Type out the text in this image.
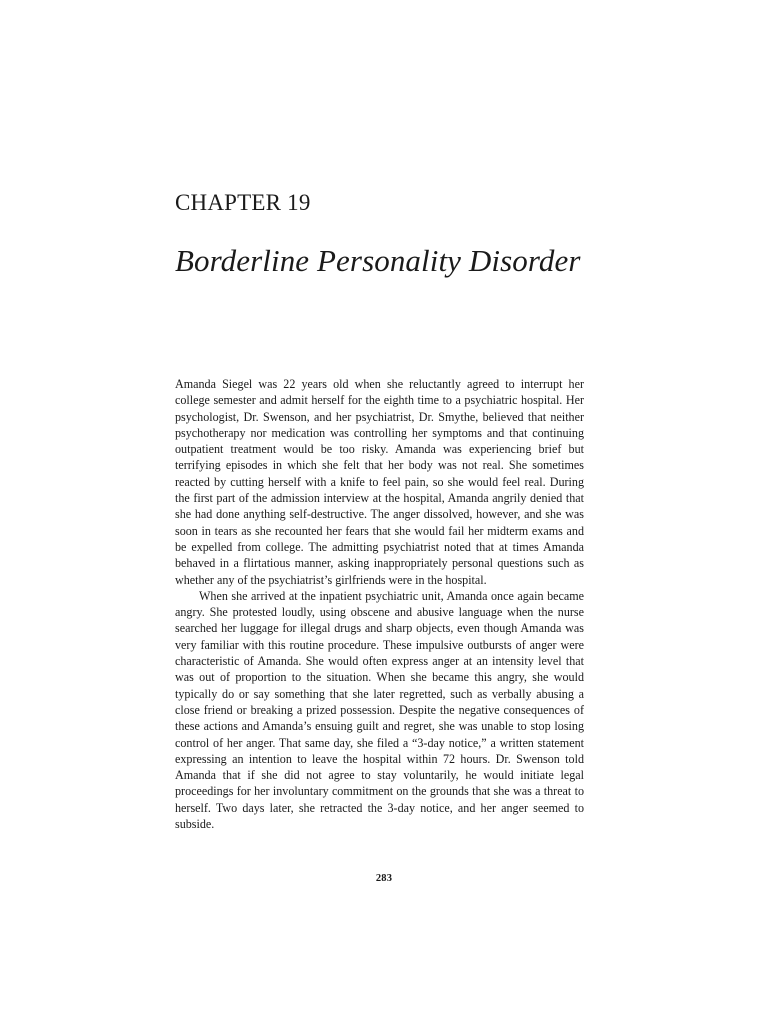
CHAPTER 19
Borderline Personality Disorder

Amanda Siegel was 22 years old when she reluctantly agreed to interrupt her college semester and admit herself for the eighth time to a psychiatric hospital. Her psychologist, Dr. Swenson, and her psychiatrist, Dr. Smythe, believed that neither psychotherapy nor medication was controlling her symptoms and that continuing outpatient treatment would be too risky. Amanda was experiencing brief but terrifying episodes in which she felt that her body was not real. She sometimes reacted by cutting herself with a knife to feel pain, so she would feel real. During the first part of the admission interview at the hospital, Amanda angrily denied that she had done anything self-destructive. The anger dissolved, however, and she was soon in tears as she recounted her fears that she would fail her midterm exams and be expelled from college. The admitting psychiatrist noted that at times Amanda behaved in a flirtatious manner, asking inappropriately personal questions such as whether any of the psychiatrist’s girlfriends were in the hospital.

When she arrived at the inpatient psychiatric unit, Amanda once again became angry. She protested loudly, using obscene and abusive language when the nurse searched her luggage for illegal drugs and sharp objects, even though Amanda was very familiar with this routine procedure. These impulsive outbursts of anger were characteristic of Amanda. She would often express anger at an intensity level that was out of proportion to the situation. When she became this angry, she would typically do or say something that she later regretted, such as verbally abusing a close friend or breaking a prized possession. Despite the negative consequences of these actions and Amanda’s ensuing guilt and regret, she was unable to stop losing control of her anger. That same day, she filed a “3-day notice,” a written statement expressing an intention to leave the hospital within 72 hours. Dr. Swenson told Amanda that if she did not agree to stay voluntarily, he would initiate legal proceedings for her involuntary commitment on the grounds that she was a threat to herself. Two days later, she retracted the 3-day notice, and her anger seemed to subside.

283
